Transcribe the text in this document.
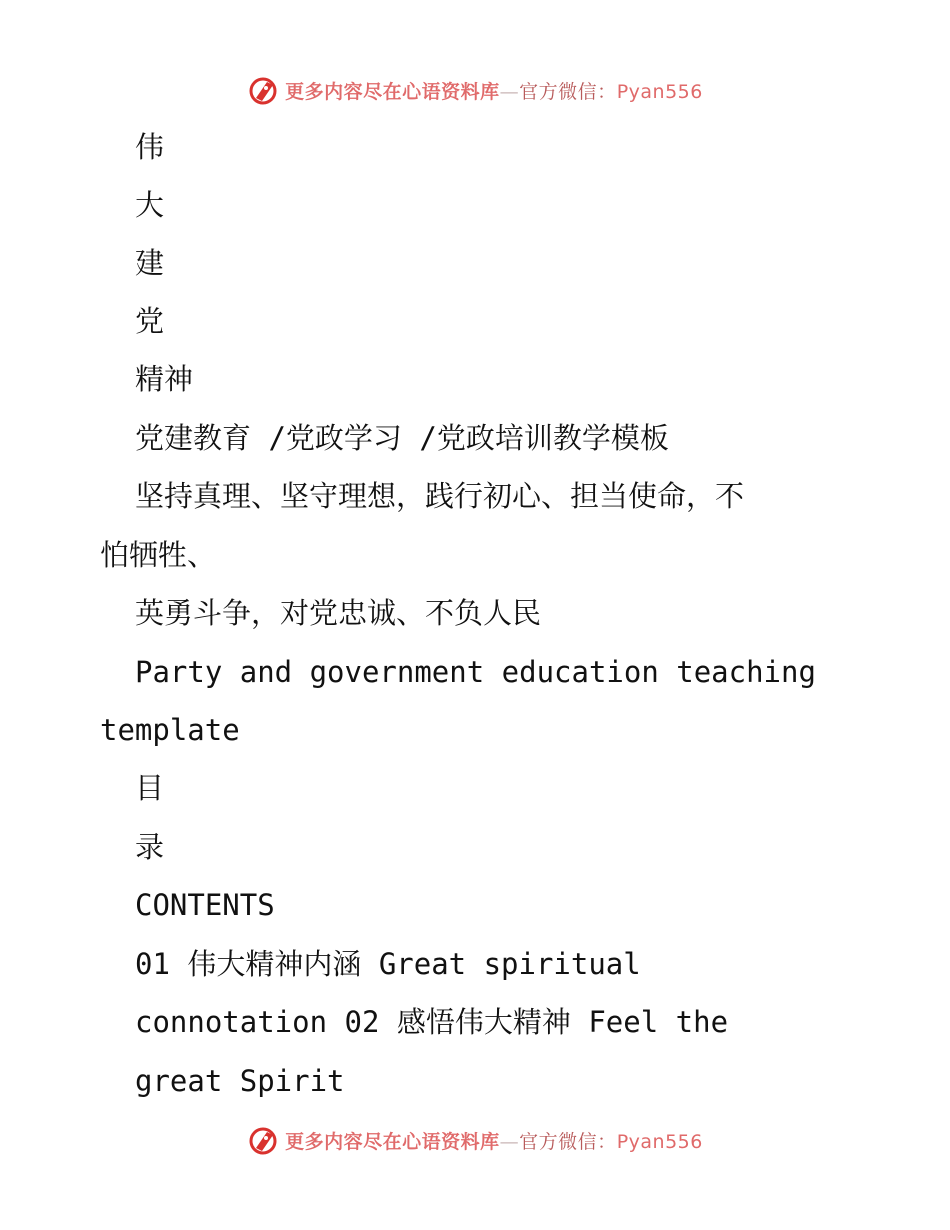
更多内容尽在心语资料库—官方微信：Pyan556
伟
大
建
党
精神
党建教育 /党政学习 /党政培训教学模板
坚持真理、坚守理想，践行初心、担当使命，不
怕牺牲、
英勇斗争，对党忠诚、不负人民
Party and government education teaching
template
目
录
CONTENTS
01 伟大精神内涵 Great spiritual
connotation 02 感悟伟大精神 Feel the
great Spirit
更多内容尽在心语资料库—官方微信：Pyan556
